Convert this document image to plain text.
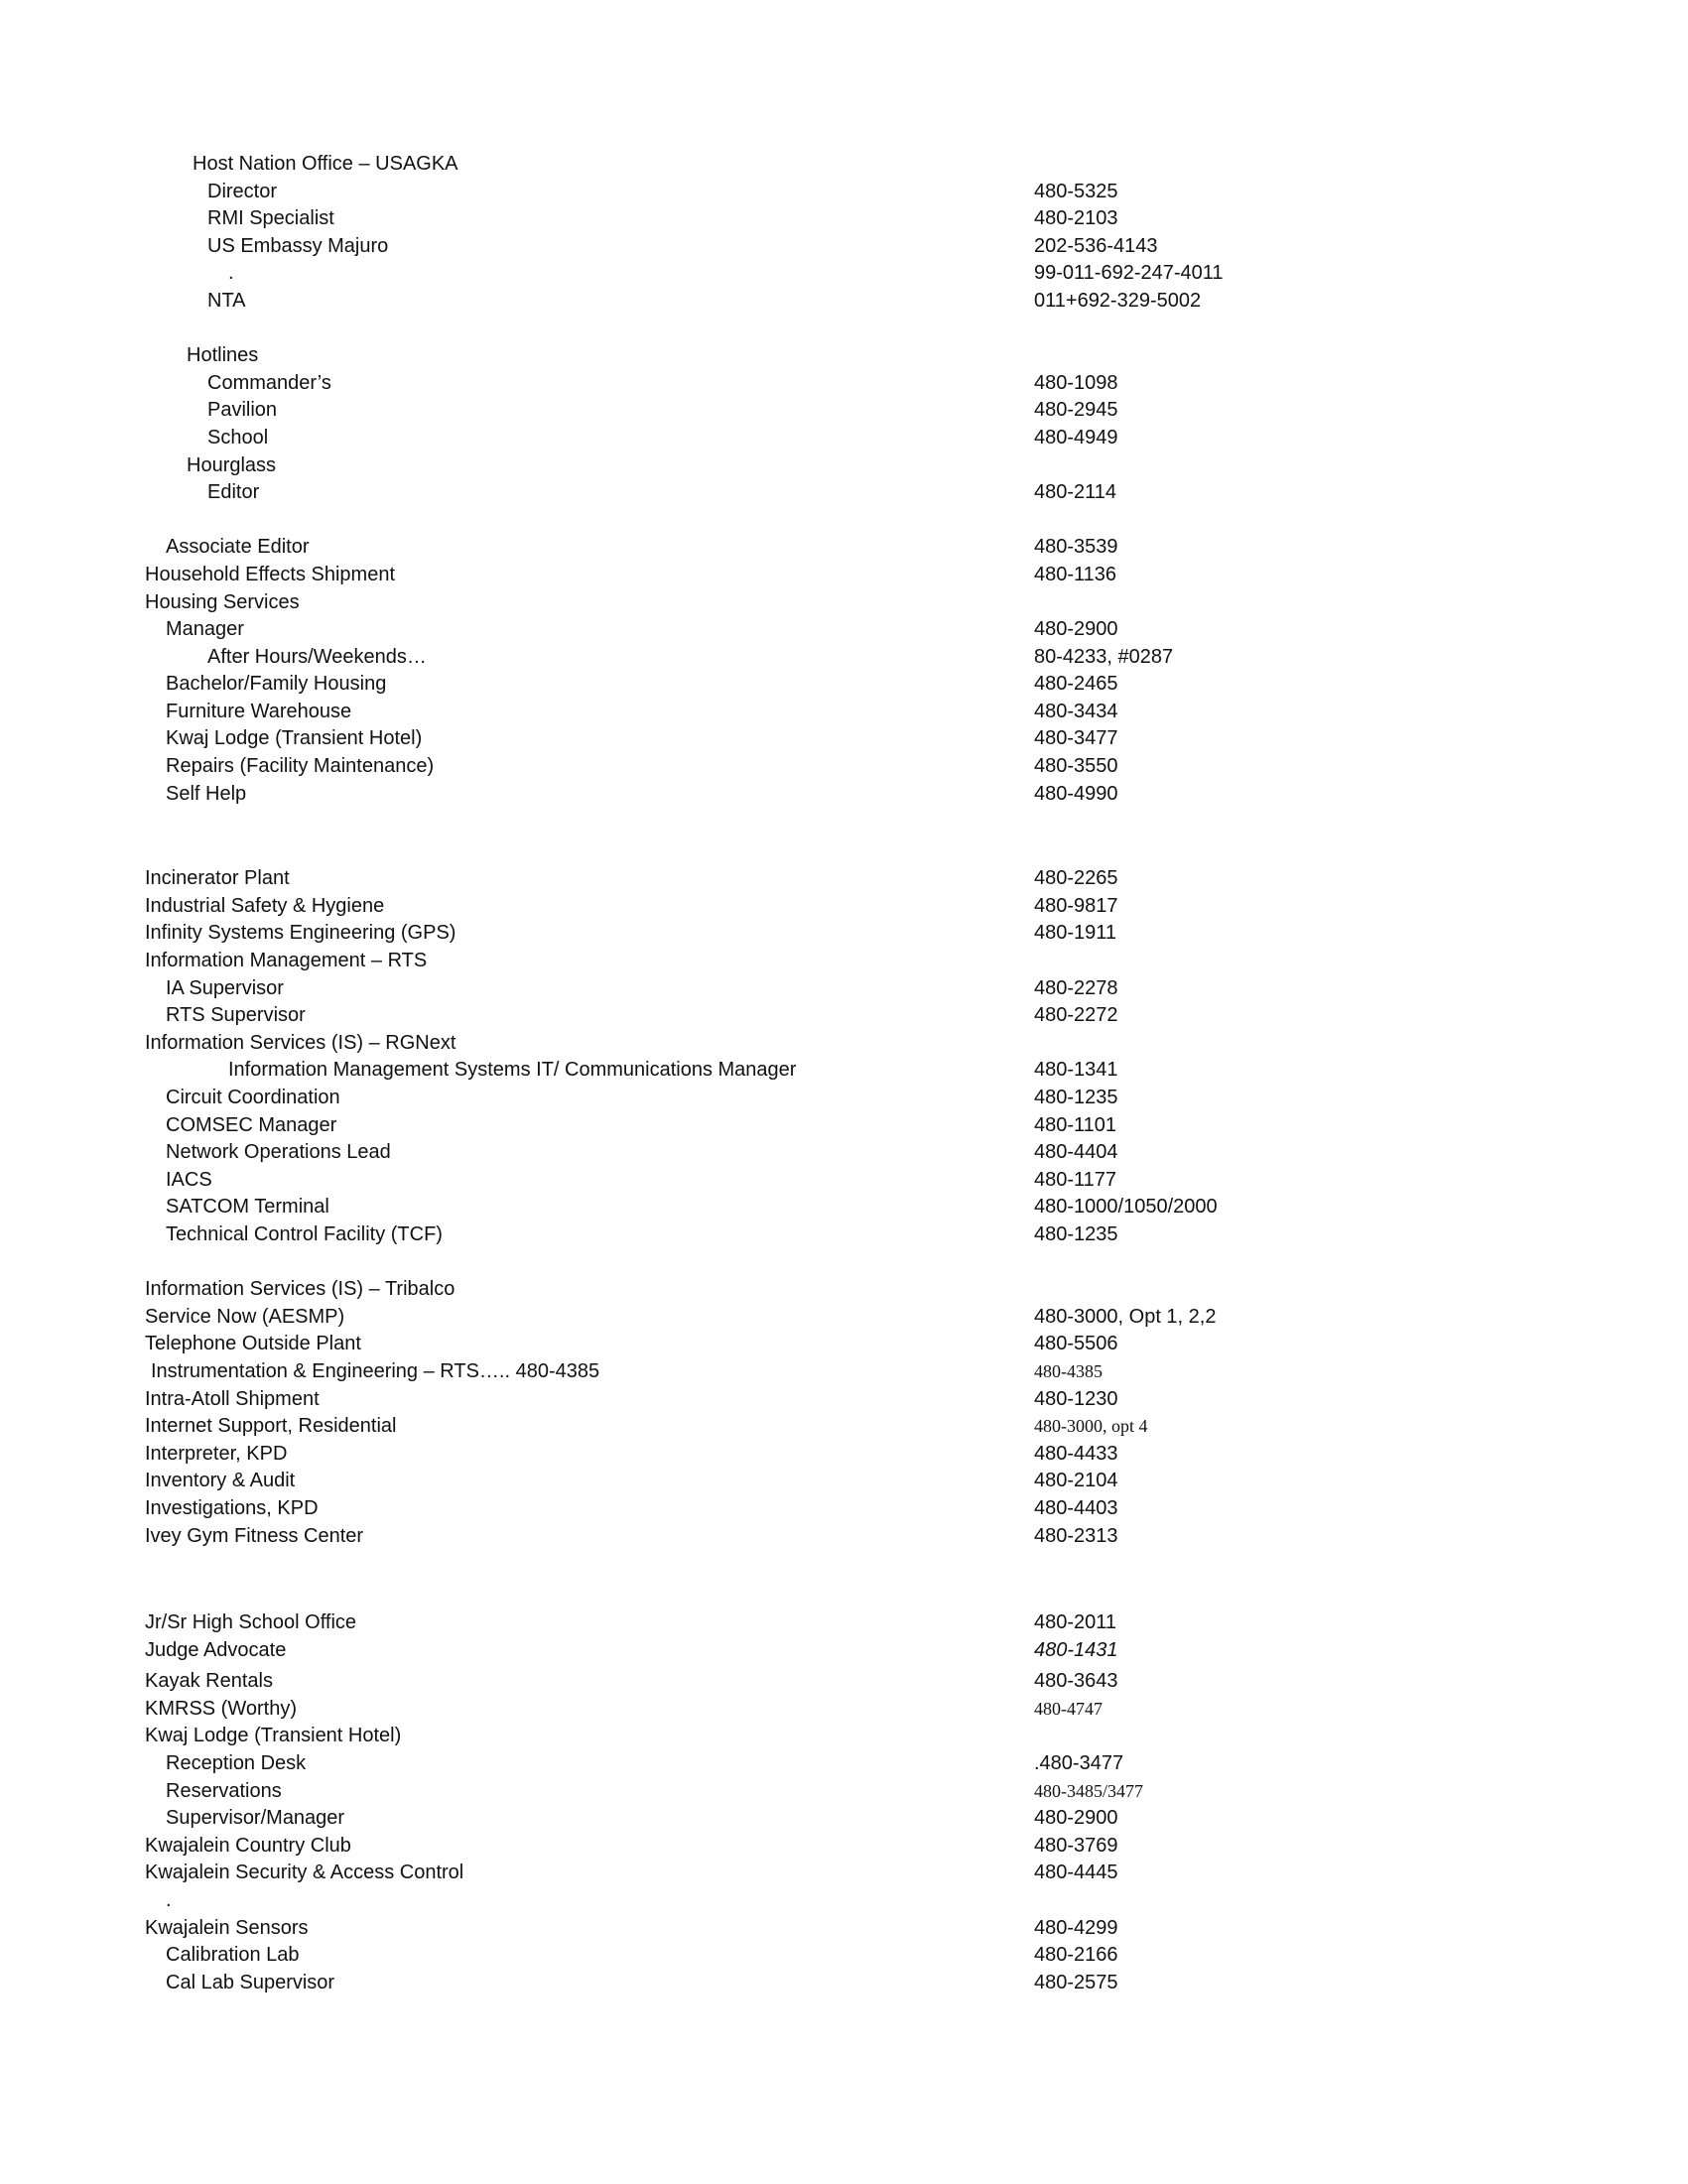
Host Nation Office – USAGKA
Director	480-5325
RMI Specialist	480-2103
US Embassy Majuro	202-536-4143
.	99-011-692-247-4011
NTA	011+692-329-5002
Hotlines
Commander’s	480-1098
Pavilion	480-2945
School	480-4949
Hourglass
Editor	480-2114
Associate Editor	480-3539
Household Effects Shipment	480-1136
Housing Services
Manager	480-2900
After Hours/Weekends…	80-4233, #0287
Bachelor/Family Housing	480-2465
Furniture Warehouse	480-3434
Kwaj Lodge (Transient Hotel)	480-3477
Repairs (Facility Maintenance)	480-3550
Self Help	480-4990
Incinerator Plant	480-2265
Industrial Safety & Hygiene	480-9817
Infinity Systems Engineering (GPS)	480-1911
Information Management – RTS
IA Supervisor	480-2278
RTS Supervisor	480-2272
Information Services (IS) – RGNext
Information Management Systems IT/ Communications Manager	480-1341
Circuit Coordination	480-1235
COMSEC Manager	480-1101
Network Operations Lead	480-4404
IACS	480-1177
SATCOM Terminal	480-1000/1050/2000
Technical Control Facility (TCF)	480-1235
Information Services (IS) – Tribalco
Service Now (AESMP)	480-3000, Opt 1, 2,2
Telephone Outside Plant	480-5506
Instrumentation & Engineering – RTS….. 480-4385	480-4385
Intra-Atoll Shipment	480-1230
Internet Support, Residential	480-3000, opt 4
Interpreter, KPD	480-4433
Inventory & Audit	480-2104
Investigations, KPD	480-4403
Ivey Gym Fitness Center	480-2313
Jr/Sr High School Office	480-2011
Judge Advocate	480-1431
Kayak Rentals	480-3643
KMRSS (Worthy)	480-4747
Kwaj Lodge (Transient Hotel)
Reception Desk	.480-3477
Reservations	480-3485/3477
Supervisor/Manager	480-2900
Kwajalein Country Club	480-3769
Kwajalein Security & Access Control	480-4445
.
Kwajalein Sensors	480-4299
Calibration Lab	480-2166
Cal Lab Supervisor	480-2575
